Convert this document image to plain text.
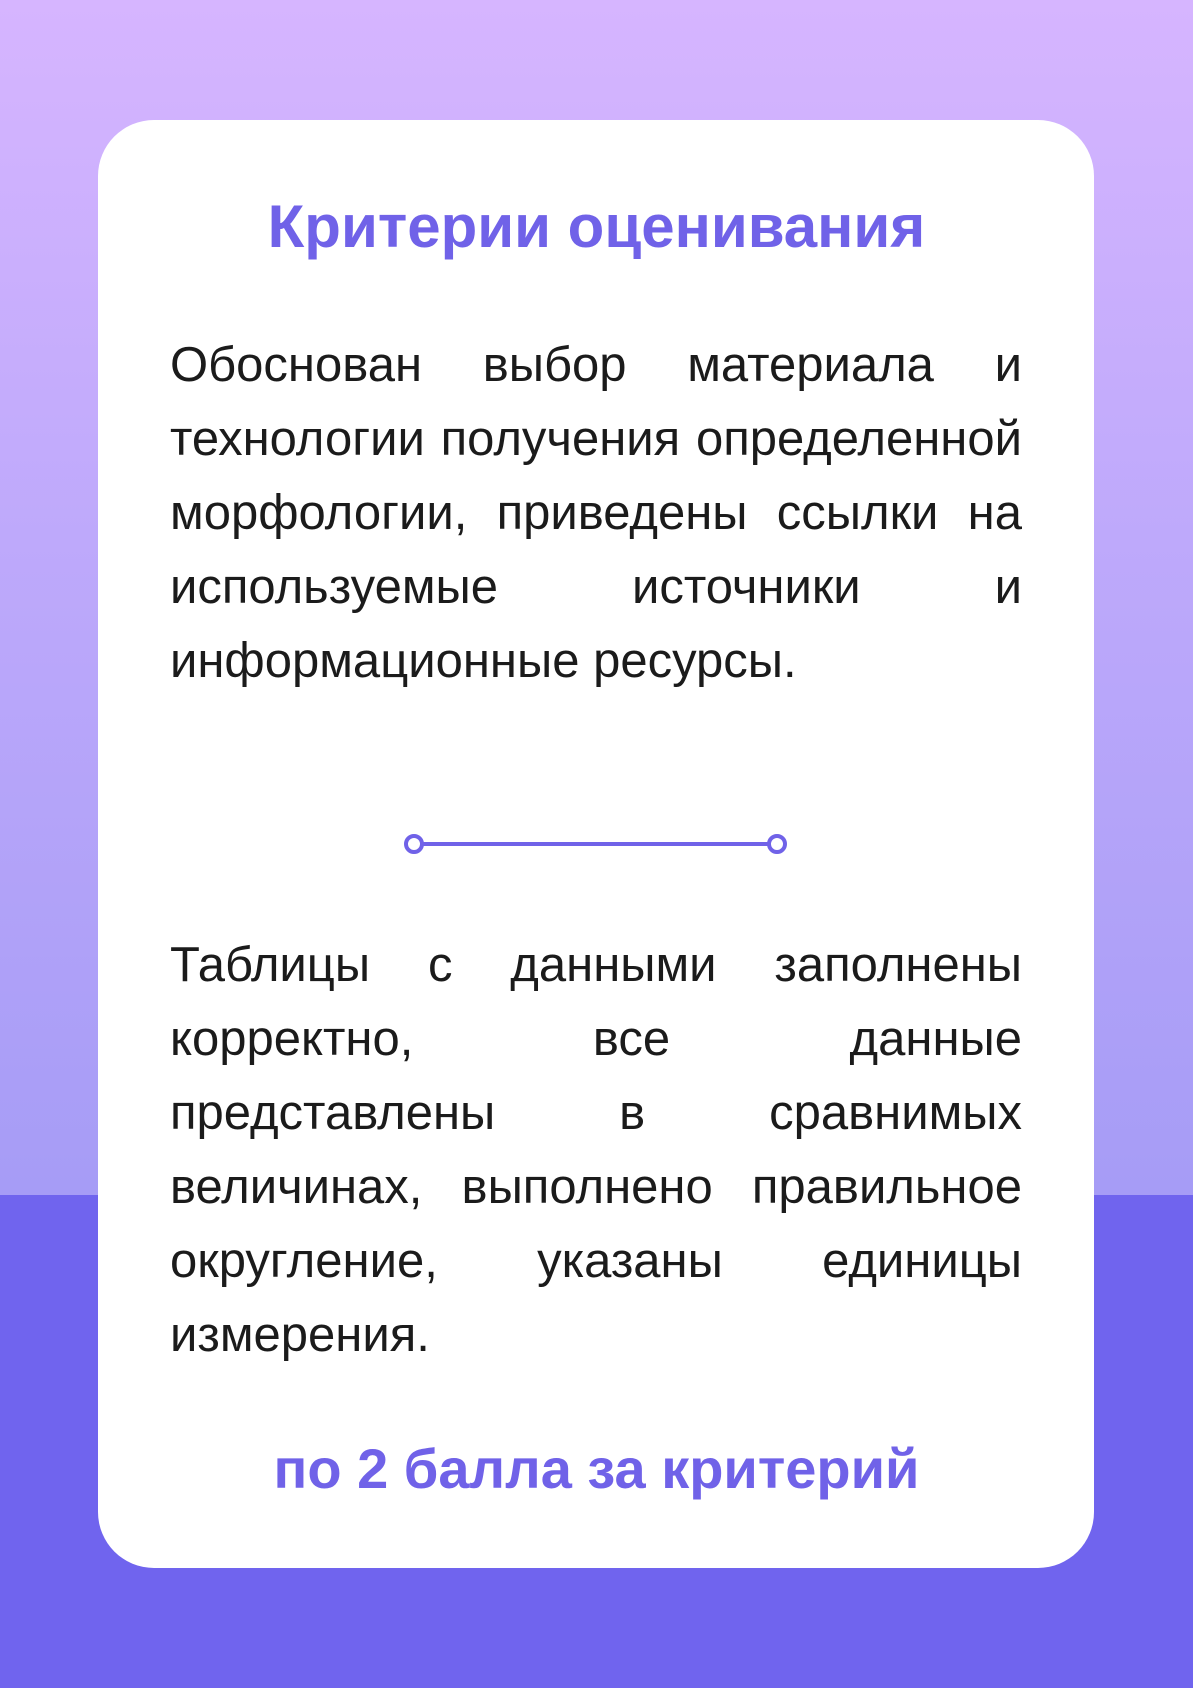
Критерии оценивания

Обоснован выбор материала и технологии получения определенной морфологии, приведены ссылки на используемые источники и информационные ресурсы.

Таблицы с данными заполнены корректно, все данные представлены в сравнимых величинах, выполнено правильное округление, указаны единицы измерения.

по 2 балла за критерий
